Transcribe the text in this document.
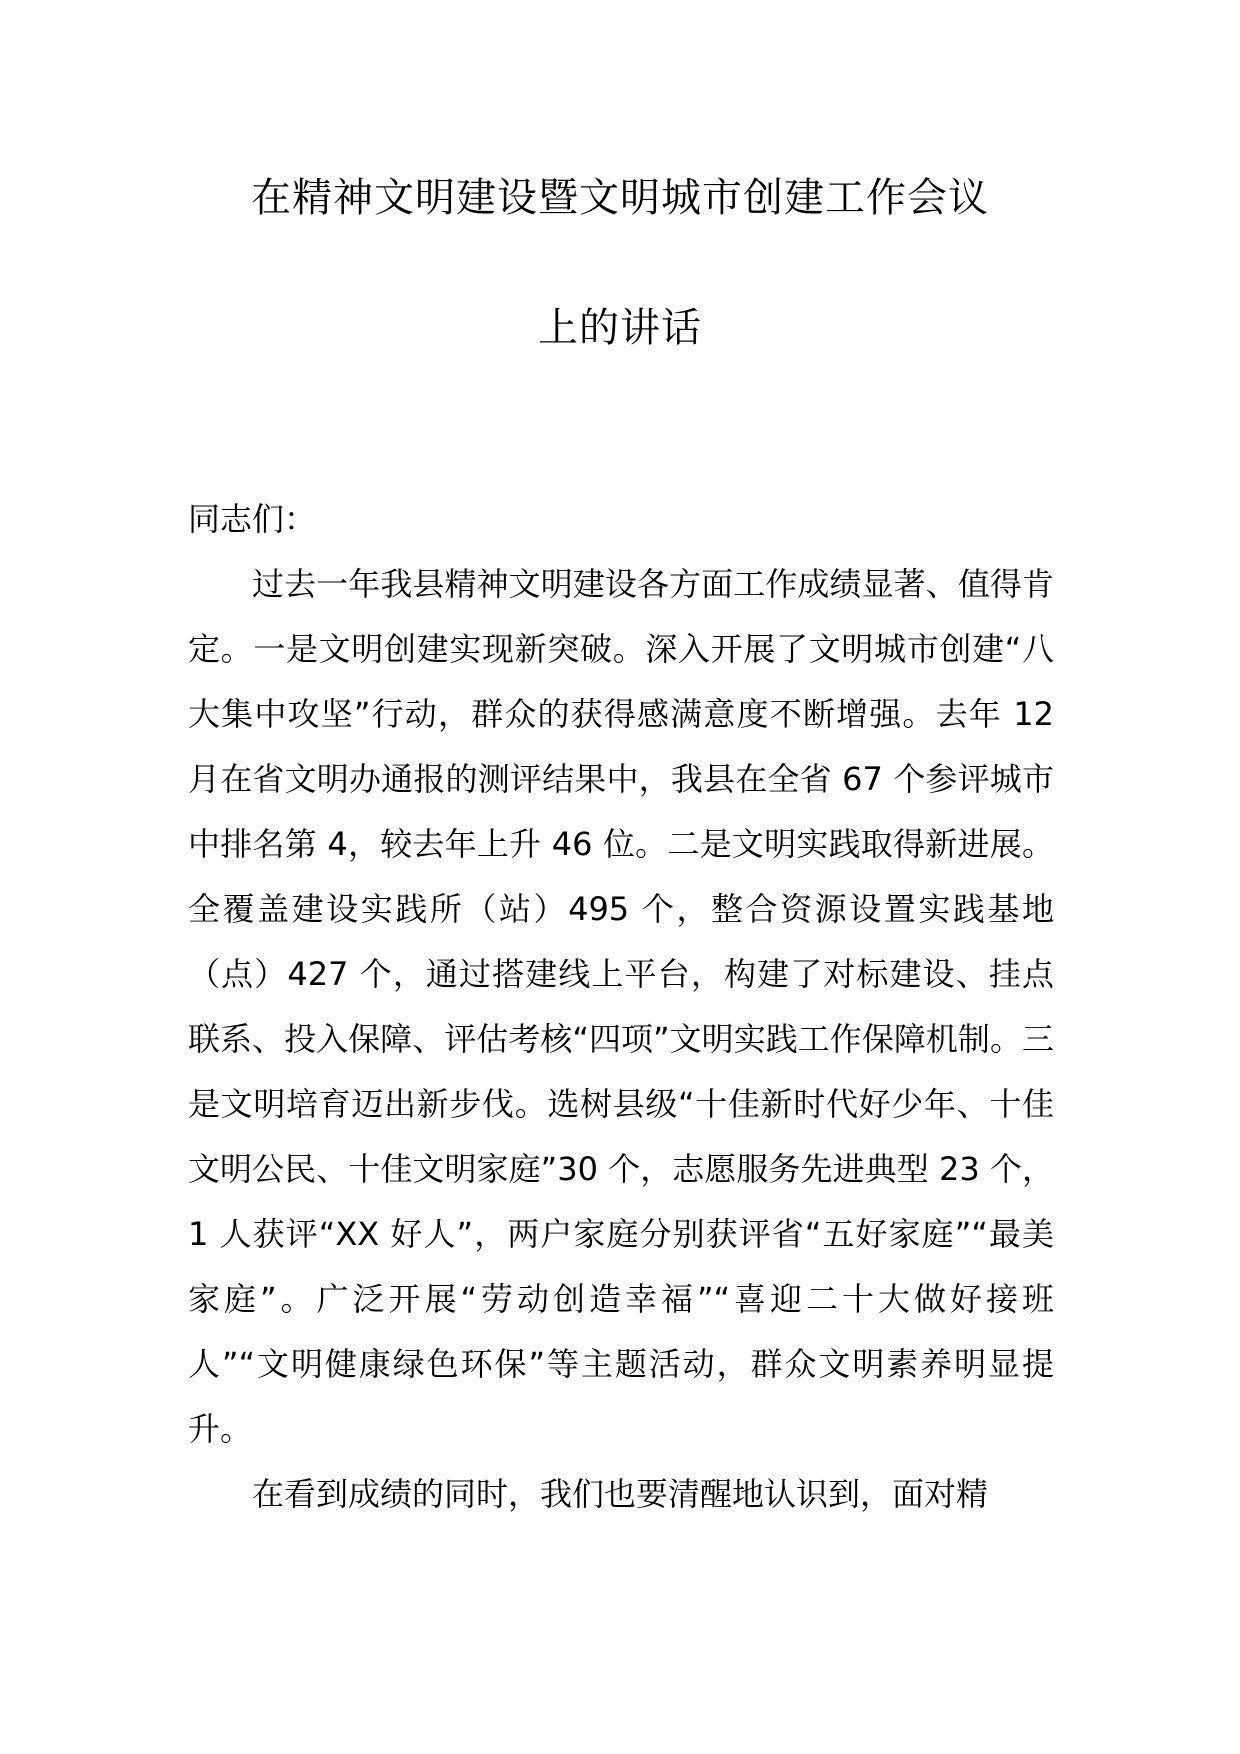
在精神文明建设暨文明城市创建工作会议
上的讲话

同志们：

过去一年我县精神文明建设各方面工作成绩显著、值得肯定。一是文明创建实现新突破。深入开展了文明城市创建“八大集中攻坚”行动，群众的获得感满意度不断增强。去年 12 月在省文明办通报的测评结果中，我县在全省 67 个参评城市中排名第 4，较去年上升 46 位。二是文明实践取得新进展。全覆盖建设实践所（站）495 个，整合资源设置实践基地（点）427 个，通过搭建线上平台，构建了对标建设、挂点联系、投入保障、评估考核“四项”文明实践工作保障机制。三是文明培育迈出新步伐。选树县级“十佳新时代好少年、十佳文明公民、十佳文明家庭”30 个，志愿服务先进典型 23 个，1 人获评“XX 好人”，两户家庭分别获评省“五好家庭”“最美家庭”。广泛开展“劳动创造幸福”“喜迎二十大做好接班人”“文明健康绿色环保”等主题活动，群众文明素养明显提升。

在看到成绩的同时，我们也要清醒地认识到，面对精
